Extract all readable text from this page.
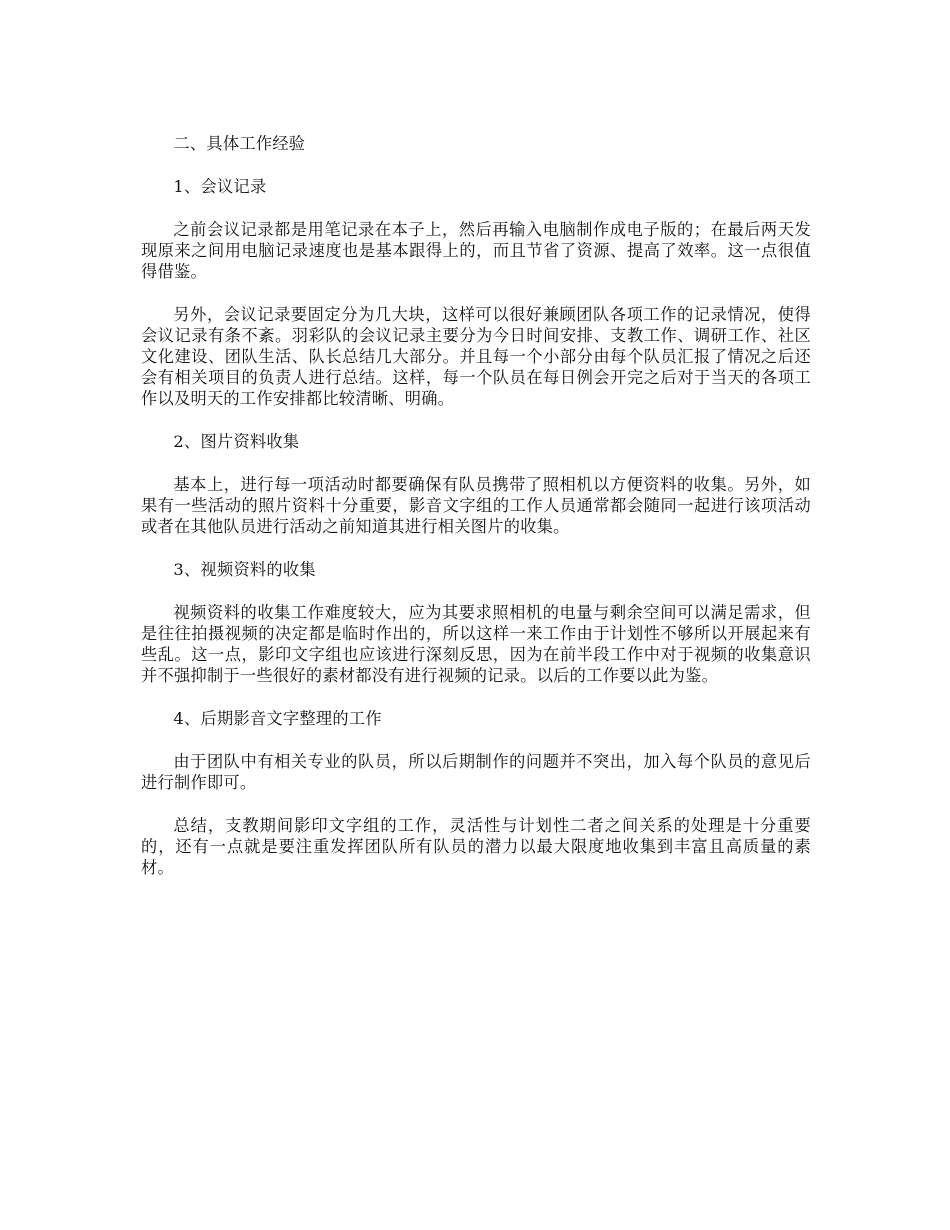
二、具体工作经验

1、会议记录

之前会议记录都是用笔记录在本子上，然后再输入电脑制作成电子版的；在最后两天发现原来之间用电脑记录速度也是基本跟得上的，而且节省了资源、提高了效率。这一点很值得借鉴。

另外，会议记录要固定分为几大块，这样可以很好兼顾团队各项工作的记录情况，使得会议记录有条不紊。羽彩队的会议记录主要分为今日时间安排、支教工作、调研工作、社区文化建设、团队生活、队长总结几大部分。并且每一个小部分由每个队员汇报了情况之后还会有相关项目的负责人进行总结。这样，每一个队员在每日例会开完之后对于当天的各项工作以及明天的工作安排都比较清晰、明确。

2、图片资料收集

基本上，进行每一项活动时都要确保有队员携带了照相机以方便资料的收集。另外，如果有一些活动的照片资料十分重要，影音文字组的工作人员通常都会随同一起进行该项活动或者在其他队员进行活动之前知道其进行相关图片的收集。

3、视频资料的收集

视频资料的收集工作难度较大，应为其要求照相机的电量与剩余空间可以满足需求，但是往往拍摄视频的决定都是临时作出的，所以这样一来工作由于计划性不够所以开展起来有些乱。这一点，影印文字组也应该进行深刻反思，因为在前半段工作中对于视频的收集意识并不强抑制于一些很好的素材都没有进行视频的记录。以后的工作要以此为鉴。

4、后期影音文字整理的工作

由于团队中有相关专业的队员，所以后期制作的问题并不突出，加入每个队员的意见后进行制作即可。

总结，支教期间影印文字组的工作，灵活性与计划性二者之间关系的处理是十分重要的，还有一点就是要注重发挥团队所有队员的潜力以最大限度地收集到丰富且高质量的素材。
